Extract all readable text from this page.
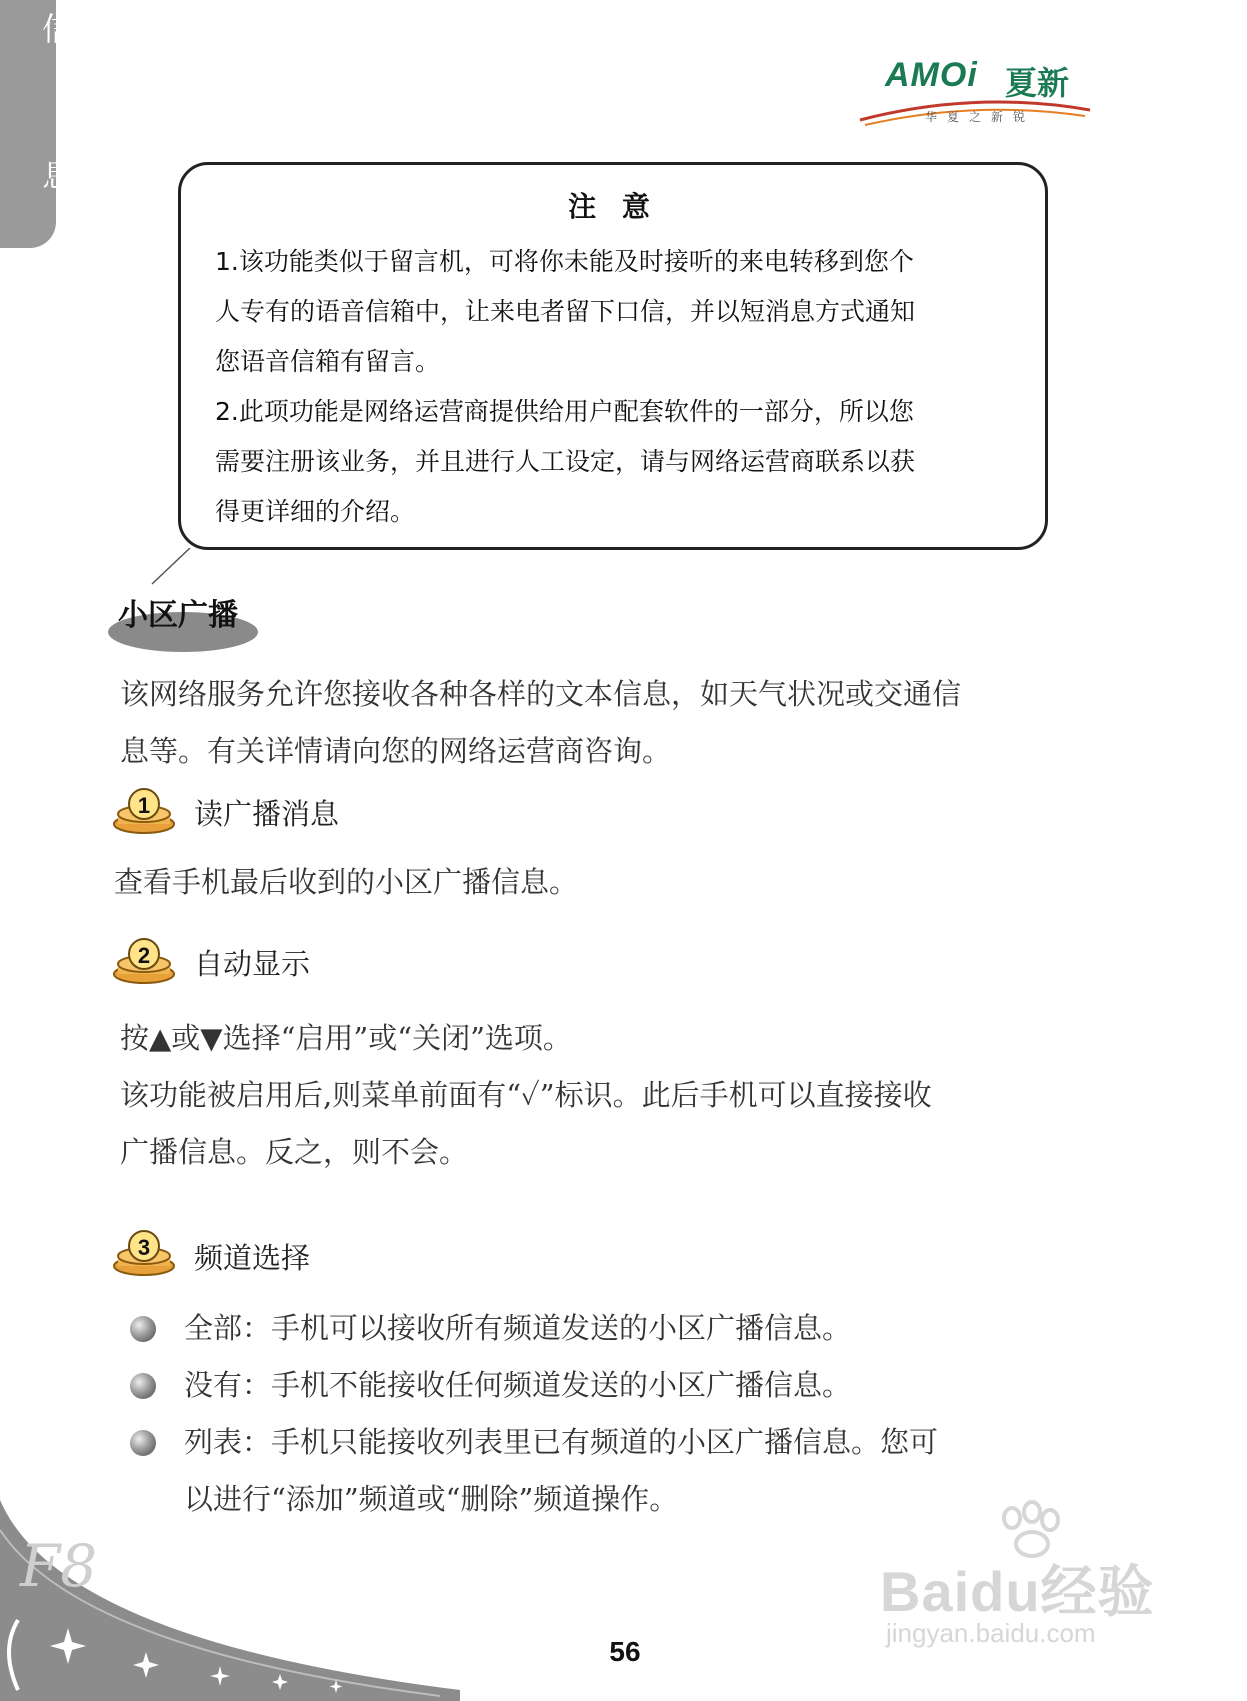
信
息
AMOi 夏新
华夏之新锐
注 意

1.该功能类似于留言机，可将你未能及时接听的来电转移到您个

人专有的语音信箱中，让来电者留下口信，并以短消息方式通知

您语音信箱有留言。

2.此项功能是网络运营商提供给用户配套软件的一部分，所以您

需要注册该业务，并且进行人工设定，请与网络运营商联系以获

得更详细的介绍。

小区广播

该网络服务允许您接收各种各样的文本信息，如天气状况或交通信

息等。有关详情请向您的网络运营商咨询。

1 读广播消息

查看手机最后收到的小区广播信息。

2 自动显示

按▲或▼选择“启用”或“关闭”选项。

该功能被启用后,则菜单前面有“✓”标识。此后手机可以直接接收

广播信息。反之，则不会。

3 频道选择
全部：手机可以接收所有频道发送的小区广播信息。
没有：手机不能接收任何频道发送的小区广播信息。
列表：手机只能接收列表里已有频道的小区广播信息。您可
以进行“添加”频道或“删除”频道操作。
F8
56
Baidu经验
jingyan.baidu.com
